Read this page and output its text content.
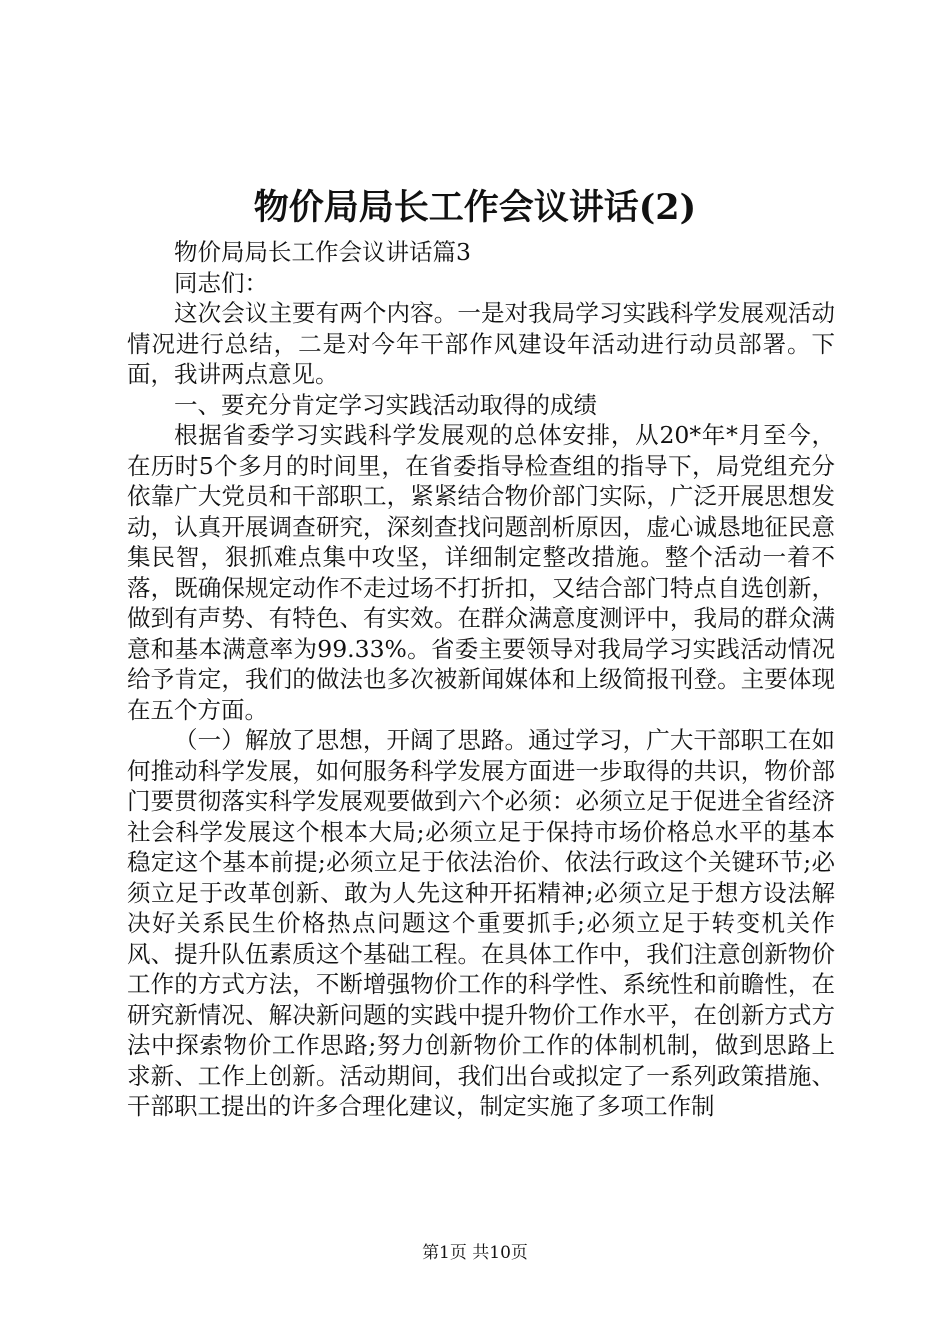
物价局局长工作会议讲话(2)

物价局局长工作会议讲话篇3

同志们：

这次会议主要有两个内容。一是对我局学习实践科学发展观活动情况进行总结，二是对今年干部作风建设年活动进行动员部署。下面，我讲两点意见。

一、要充分肯定学习实践活动取得的成绩

根据省委学习实践科学发展观的总体安排，从20*年*月至今，在历时5个多月的时间里，在省委指导检查组的指导下，局党组充分依靠广大党员和干部职工，紧紧结合物价部门实际，广泛开展思想发动，认真开展调查研究，深刻查找问题剖析原因，虚心诚恳地征民意集民智，狠抓难点集中攻坚，详细制定整改措施。整个活动一着不落，既确保规定动作不走过场不打折扣，又结合部门特点自选创新，做到有声势、有特色、有实效。在群众满意度测评中，我局的群众满意和基本满意率为99.33%。省委主要领导对我局学习实践活动情况给予肯定，我们的做法也多次被新闻媒体和上级简报刊登。主要体现在五个方面。

（一）解放了思想，开阔了思路。通过学习，广大干部职工在如何推动科学发展，如何服务科学发展方面进一步取得的共识，物价部门要贯彻落实科学发展观要做到六个必须：必须立足于促进全省经济社会科学发展这个根本大局;必须立足于保持市场价格总水平的基本稳定这个基本前提;必须立足于依法治价、依法行政这个关键环节;必须立足于改革创新、敢为人先这种开拓精神;必须立足于想方设法解决好关系民生价格热点问题这个重要抓手;必须立足于转变机关作风、提升队伍素质这个基础工程。在具体工作中，我们注意创新物价工作的方式方法，不断增强物价工作的科学性、系统性和前瞻性，在研究新情况、解决新问题的实践中提升物价工作水平，在创新方式方法中探索物价工作思路;努力创新物价工作的体制机制，做到思路上求新、工作上创新。活动期间，我们出台或拟定了一系列政策措施、干部职工提出的许多合理化建议，制定实施了多项工作制

第1页 共10页
